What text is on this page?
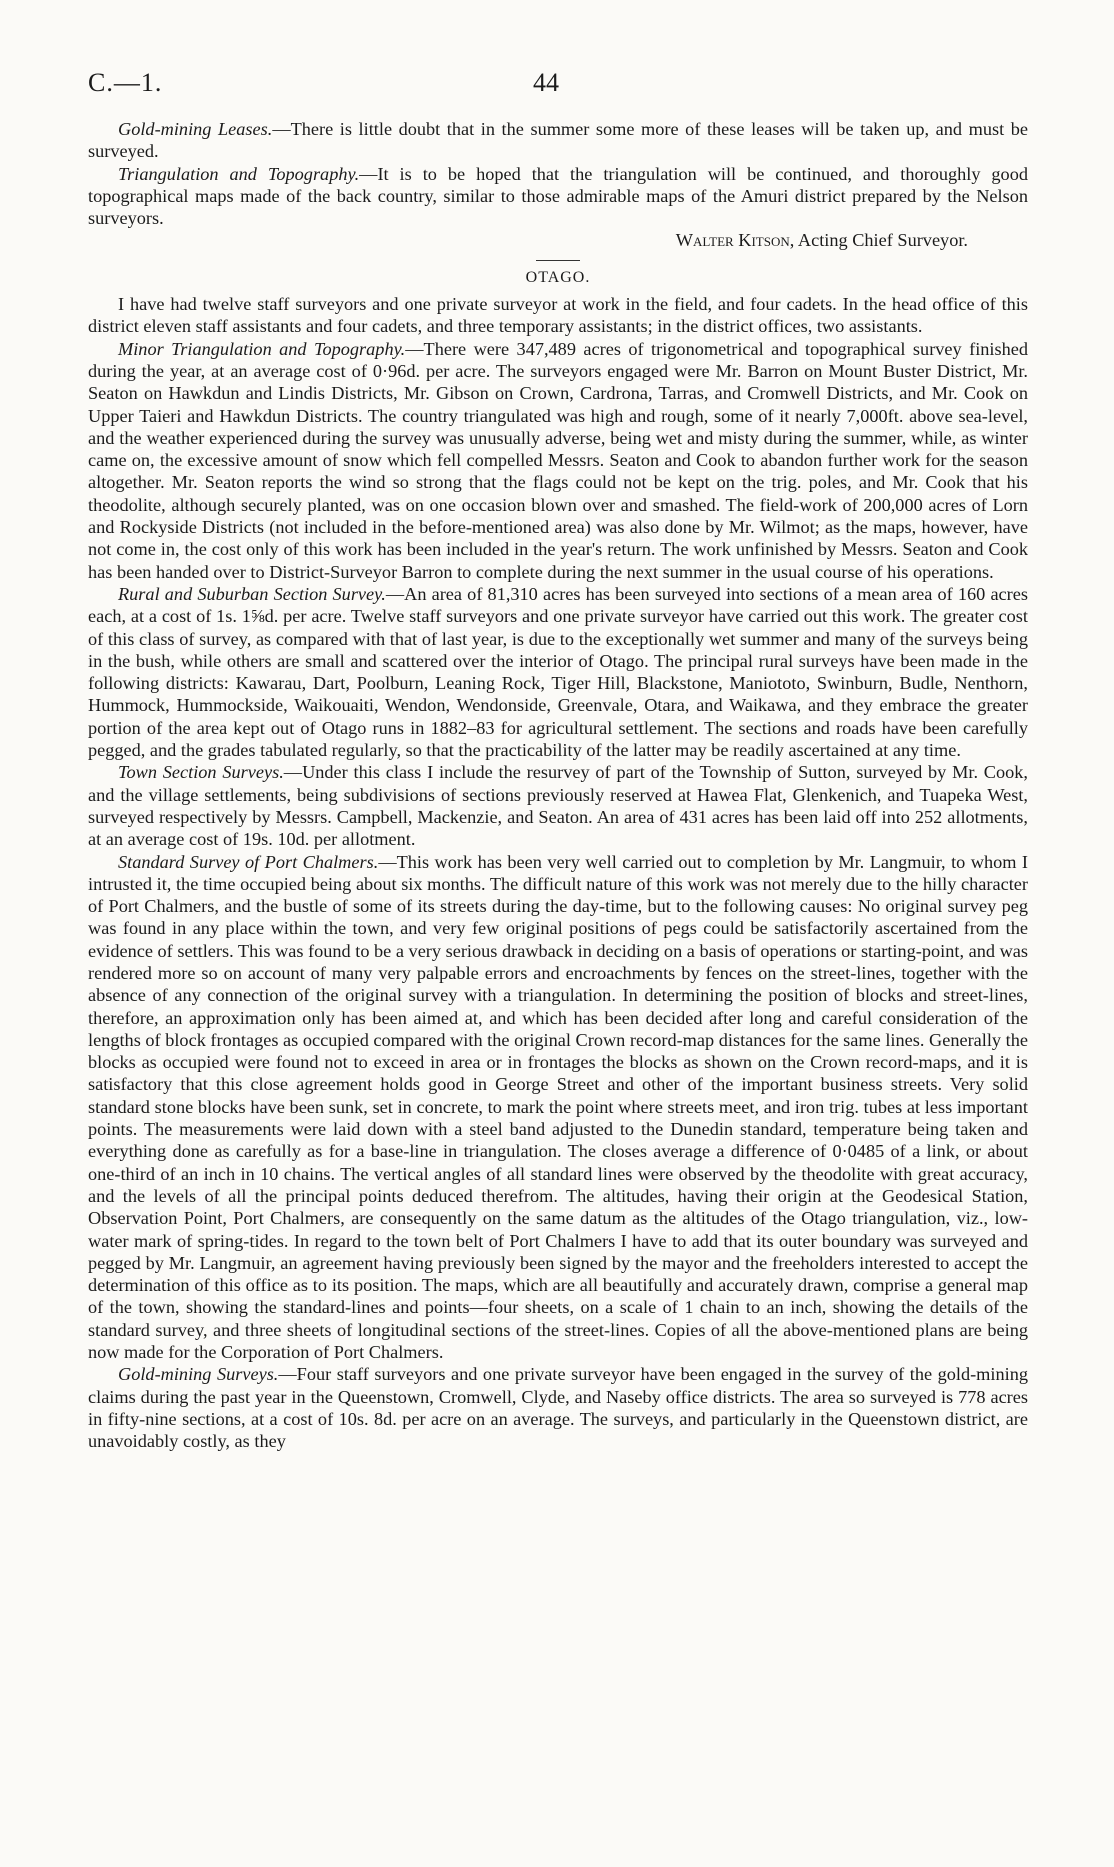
C.—1.	44

Gold-mining Leases.—There is little doubt that in the summer some more of these leases will be taken up, and must be surveyed.

Triangulation and Topography.—It is to be hoped that the triangulation will be continued, and thoroughly good topographical maps made of the back country, similar to those admirable maps of the Amuri district prepared by the Nelson surveyors.

Walter Kitson, Acting Chief Surveyor.

OTAGO.

I have had twelve staff surveyors and one private surveyor at work in the field, and four cadets. In the head office of this district eleven staff assistants and four cadets, and three temporary assistants; in the district offices, two assistants.

Minor Triangulation and Topography.—There were 347,489 acres of trigonometrical and topographical survey finished during the year, at an average cost of 0·96d. per acre. The surveyors engaged were Mr. Barron on Mount Buster District, Mr. Seaton on Hawkdun and Lindis Districts, Mr. Gibson on Crown, Cardrona, Tarras, and Cromwell Districts, and Mr. Cook on Upper Taieri and Hawkdun Districts. The country triangulated was high and rough, some of it nearly 7,000ft. above sea-level, and the weather experienced during the survey was unusually adverse, being wet and misty during the summer, while, as winter came on, the excessive amount of snow which fell compelled Messrs. Seaton and Cook to abandon further work for the season altogether. Mr. Seaton reports the wind so strong that the flags could not be kept on the trig. poles, and Mr. Cook that his theodolite, although securely planted, was on one occasion blown over and smashed. The field-work of 200,000 acres of Lorn and Rockyside Districts (not included in the before-mentioned area) was also done by Mr. Wilmot; as the maps, however, have not come in, the cost only of this work has been included in the year's return. The work unfinished by Messrs. Seaton and Cook has been handed over to District-Surveyor Barron to complete during the next summer in the usual course of his operations.

Rural and Suburban Section Survey.—An area of 81,310 acres has been surveyed into sections of a mean area of 160 acres each, at a cost of 1s. 1⅝d. per acre. Twelve staff surveyors and one private surveyor have carried out this work. The greater cost of this class of survey, as compared with that of last year, is due to the exceptionally wet summer and many of the surveys being in the bush, while others are small and scattered over the interior of Otago. The principal rural surveys have been made in the following districts: Kawarau, Dart, Poolburn, Leaning Rock, Tiger Hill, Blackstone, Maniototo, Swinburn, Budle, Nenthorn, Hummock, Hummockside, Waikouaiti, Wendon, Wendonside, Greenvale, Otara, and Waikawa, and they embrace the greater portion of the area kept out of Otago runs in 1882–83 for agricultural settlement. The sections and roads have been carefully pegged, and the grades tabulated regularly, so that the practicability of the latter may be readily ascertained at any time.

Town Section Surveys.—Under this class I include the resurvey of part of the Township of Sutton, surveyed by Mr. Cook, and the village settlements, being subdivisions of sections previously reserved at Hawea Flat, Glenkenich, and Tuapeka West, surveyed respectively by Messrs. Campbell, Mackenzie, and Seaton. An area of 431 acres has been laid off into 252 allotments, at an average cost of 19s. 10d. per allotment.

Standard Survey of Port Chalmers.—This work has been very well carried out to completion by Mr. Langmuir, to whom I intrusted it, the time occupied being about six months. The difficult nature of this work was not merely due to the hilly character of Port Chalmers, and the bustle of some of its streets during the day-time, but to the following causes: No original survey peg was found in any place within the town, and very few original positions of pegs could be satisfactorily ascertained from the evidence of settlers. This was found to be a very serious drawback in deciding on a basis of operations or starting-point, and was rendered more so on account of many very palpable errors and encroachments by fences on the street-lines, together with the absence of any connection of the original survey with a triangulation. In determining the position of blocks and street-lines, therefore, an approximation only has been aimed at, and which has been decided after long and careful consideration of the lengths of block frontages as occupied compared with the original Crown record-map distances for the same lines. Generally the blocks as occupied were found not to exceed in area or in frontages the blocks as shown on the Crown record-maps, and it is satisfactory that this close agreement holds good in George Street and other of the important business streets. Very solid standard stone blocks have been sunk, set in concrete, to mark the point where streets meet, and iron trig. tubes at less important points. The measurements were laid down with a steel band adjusted to the Dunedin standard, temperature being taken and everything done as carefully as for a base-line in triangulation. The closes average a difference of 0·0485 of a link, or about one-third of an inch in 10 chains. The vertical angles of all standard lines were observed by the theodolite with great accuracy, and the levels of all the principal points deduced therefrom. The altitudes, having their origin at the Geodesical Station, Observation Point, Port Chalmers, are consequently on the same datum as the altitudes of the Otago triangulation, viz., low-water mark of spring-tides. In regard to the town belt of Port Chalmers I have to add that its outer boundary was surveyed and pegged by Mr. Langmuir, an agreement having previously been signed by the mayor and the freeholders interested to accept the determination of this office as to its position. The maps, which are all beautifully and accurately drawn, comprise a general map of the town, showing the standard-lines and points—four sheets, on a scale of 1 chain to an inch, showing the details of the standard survey, and three sheets of longitudinal sections of the street-lines. Copies of all the above-mentioned plans are being now made for the Corporation of Port Chalmers.

Gold-mining Surveys.—Four staff surveyors and one private surveyor have been engaged in the survey of the gold-mining claims during the past year in the Queenstown, Cromwell, Clyde, and Naseby office districts. The area so surveyed is 778 acres in fifty-nine sections, at a cost of 10s. 8d. per acre on an average. The surveys, and particularly in the Queenstown district, are unavoidably costly, as they
